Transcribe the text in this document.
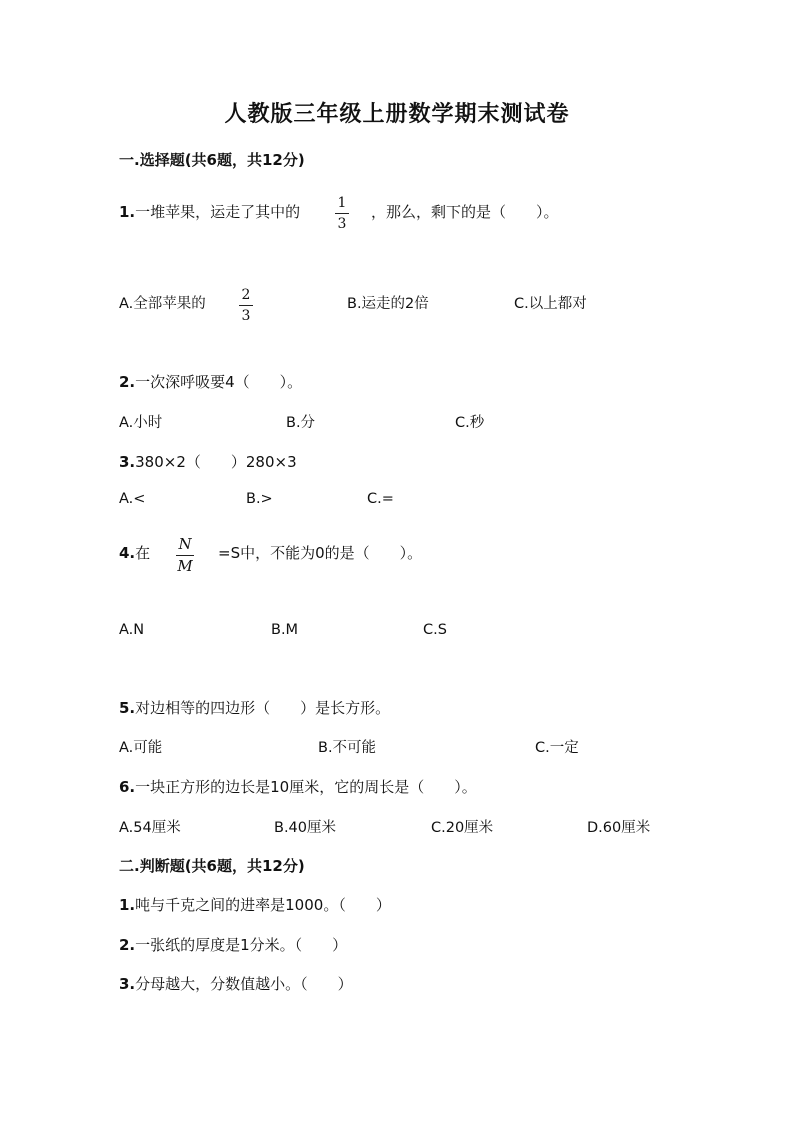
人教版三年级上册数学期末测试卷
一.选择题(共6题，共12分)
1.一堆苹果，运走了其中的	1
3
，那么，剩下的是（　　）。
A.全部苹果的
2
3
B.运走的2倍	C.以上都对
2.一次深呼吸要4（　　）。
A.小时	B.分	C.秒
3.380×2（　　）280×3
A.<	B.>	C.=
4.在 N
M
=S中，不能为0的是（　　）。
A.N	B.M	C.S
5.对边相等的四边形（　　）是长方形。
A.可能	B.不可能	C.一定
6.一块正方形的边长是10厘米，它的周长是（　　）。
A.54厘米	B.40厘米	C.20厘米	D.60厘米
二.判断题(共6题，共12分)
1.吨与千克之间的进率是1000。（　　）
2.一张纸的厚度是1分米。（　　）
3.分母越大，分数值越小。（　　）
